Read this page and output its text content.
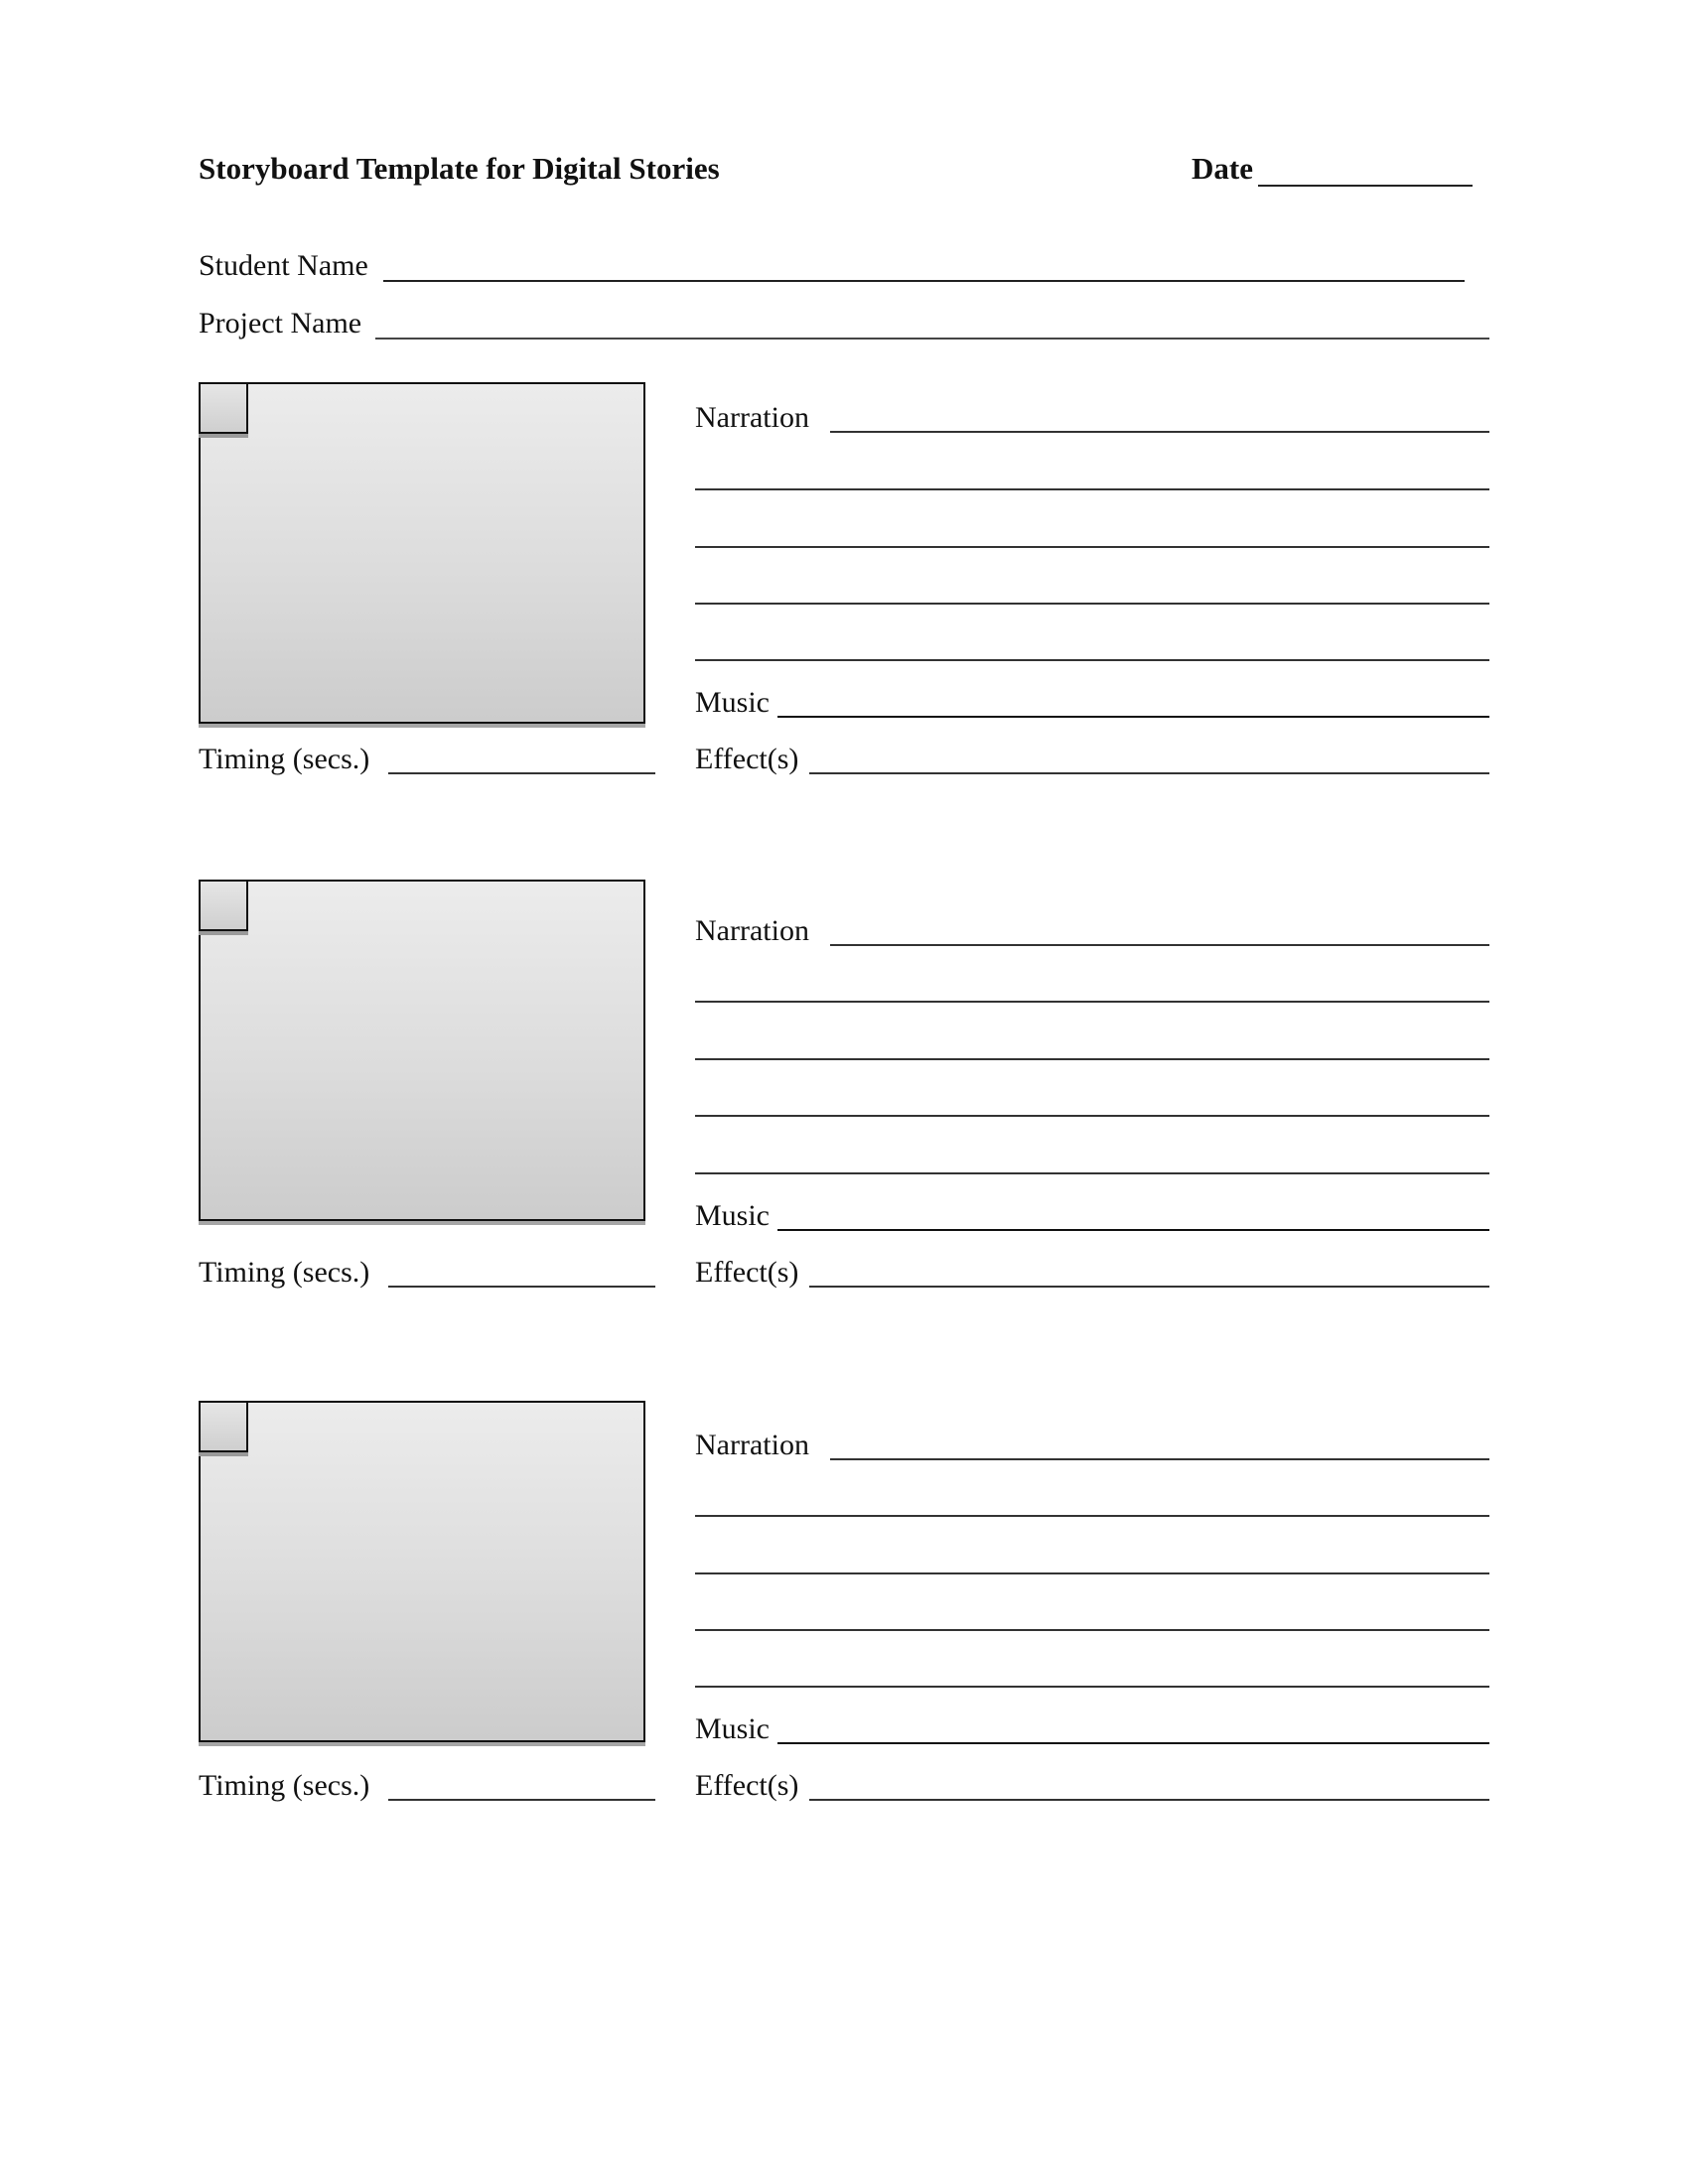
Storyboard Template for Digital Stories	Date
Student Name
Project Name
Timing (secs.)
Narration
Music
Effect(s)
Timing (secs.)
Narration
Music
Effect(s)
Timing (secs.)
Narration
Music
Effect(s)
